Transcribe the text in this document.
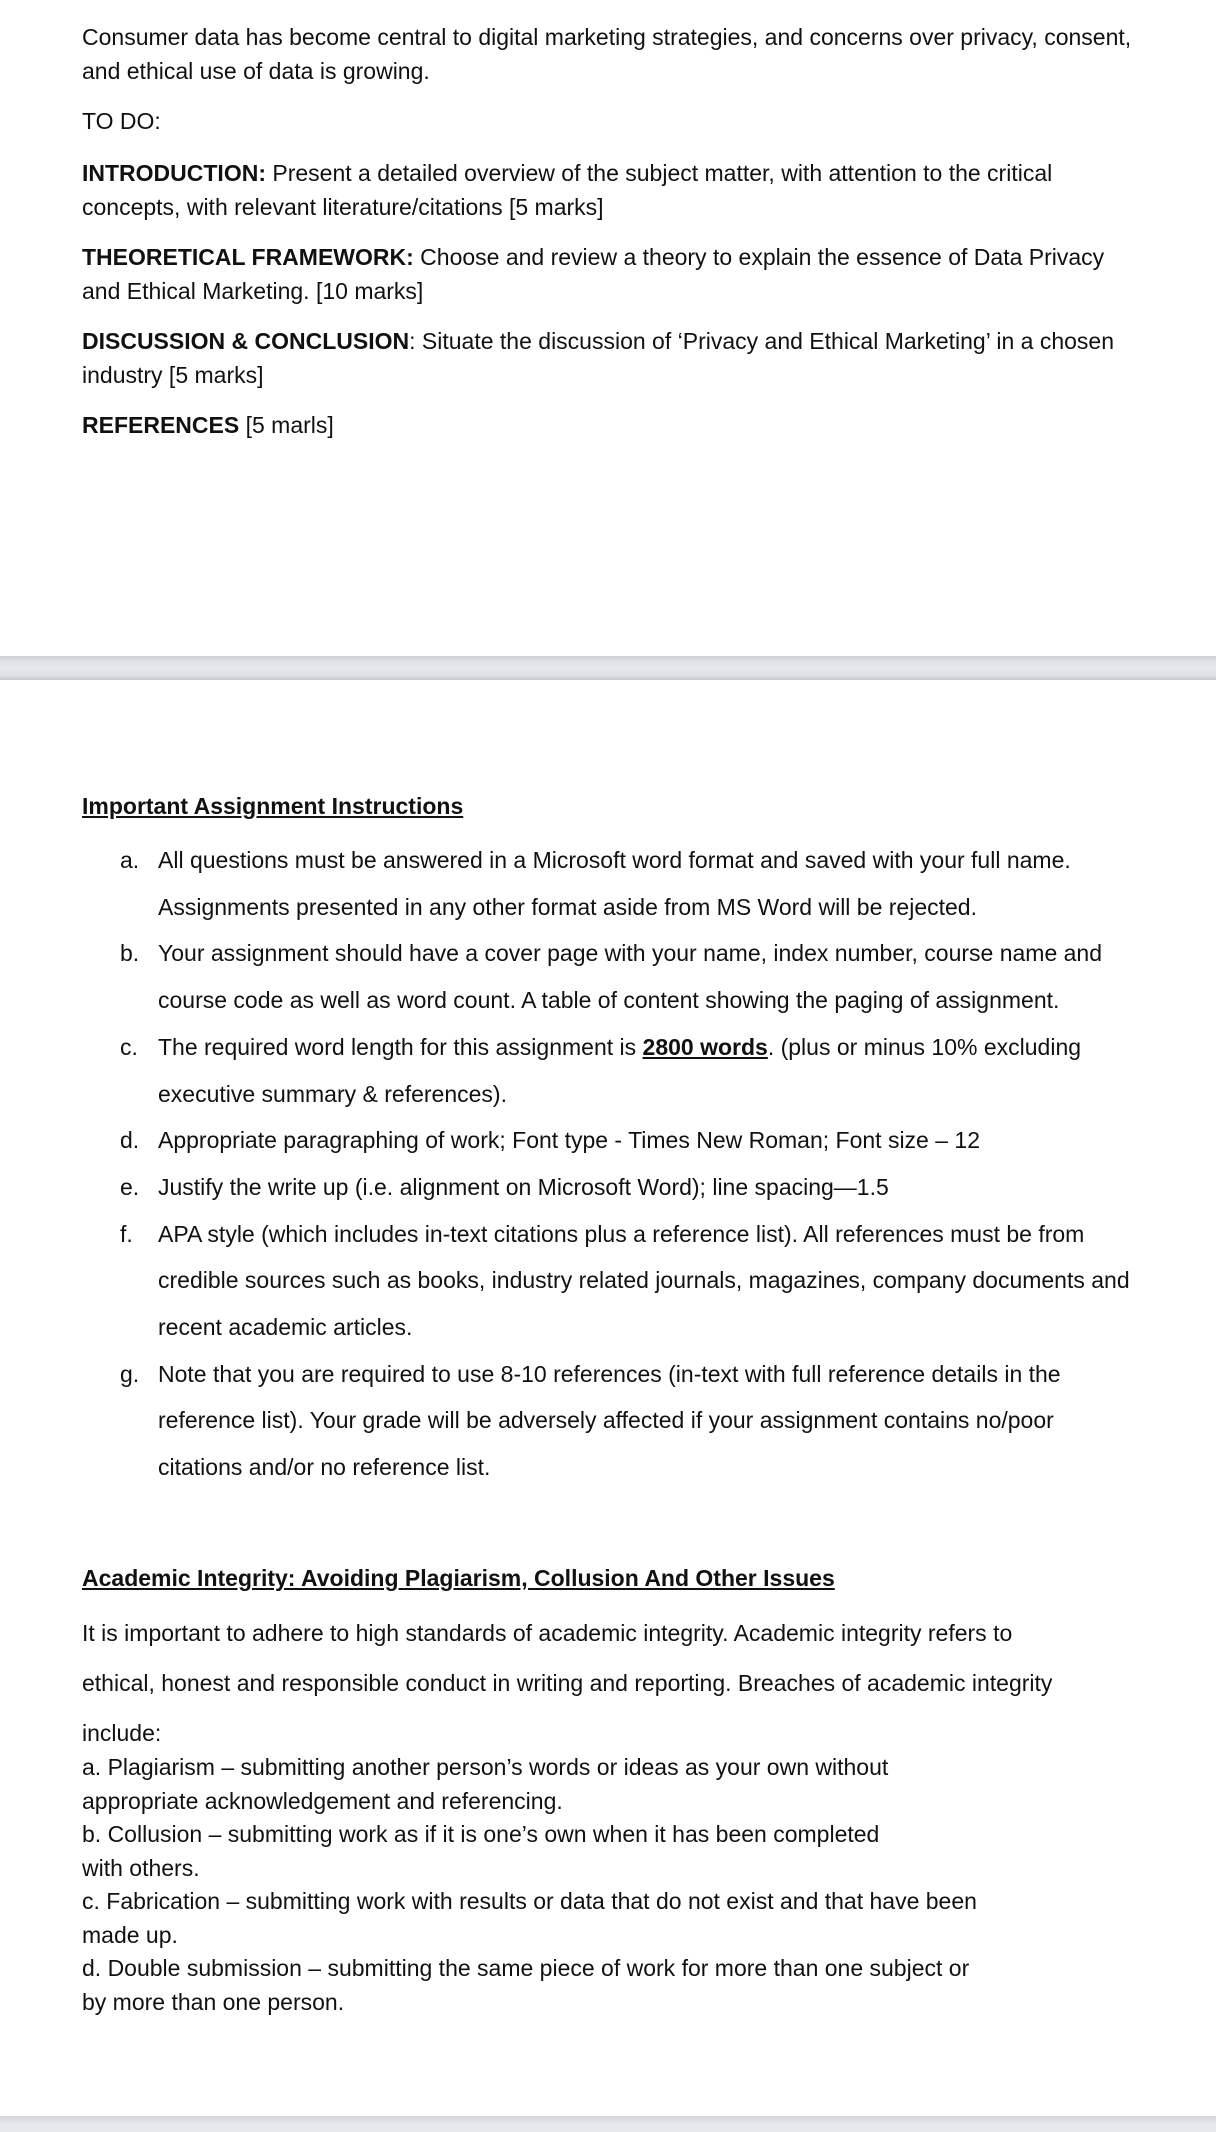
Consumer data has become central to digital marketing strategies, and concerns over privacy, consent, and ethical use of data is growing.

TO DO:

INTRODUCTION: Present a detailed overview of the subject matter, with attention to the critical concepts, with relevant literature/citations [5 marks]

THEORETICAL FRAMEWORK: Choose and review a theory to explain the essence of Data Privacy and Ethical Marketing. [10 marks]

DISCUSSION & CONCLUSION: Situate the discussion of ‘Privacy and Ethical Marketing’ in a chosen industry [5 marks]

REFERENCES [5 marls]

Important Assignment Instructions

a. All questions must be answered in a Microsoft word format and saved with your full name. Assignments presented in any other format aside from MS Word will be rejected.
b. Your assignment should have a cover page with your name, index number, course name and course code as well as word count. A table of content showing the paging of assignment.
c. The required word length for this assignment is 2800 words. (plus or minus 10% excluding executive summary & references).
d. Appropriate paragraphing of work; Font type - Times New Roman; Font size – 12
e. Justify the write up (i.e. alignment on Microsoft Word); line spacing—1.5
f. APA style (which includes in-text citations plus a reference list). All references must be from credible sources such as books, industry related journals, magazines, company documents and recent academic articles.
g. Note that you are required to use 8-10 references (in-text with full reference details in the reference list). Your grade will be adversely affected if your assignment contains no/poor citations and/or no reference list.

Academic Integrity: Avoiding Plagiarism, Collusion And Other Issues

It is important to adhere to high standards of academic integrity. Academic integrity refers to
ethical, honest and responsible conduct in writing and reporting. Breaches of academic integrity
include:
a. Plagiarism – submitting another person’s words or ideas as your own without
appropriate acknowledgement and referencing.
b. Collusion – submitting work as if it is one’s own when it has been completed
with others.
c. Fabrication – submitting work with results or data that do not exist and that have been
made up.
d. Double submission – submitting the same piece of work for more than one subject or
by more than one person.
